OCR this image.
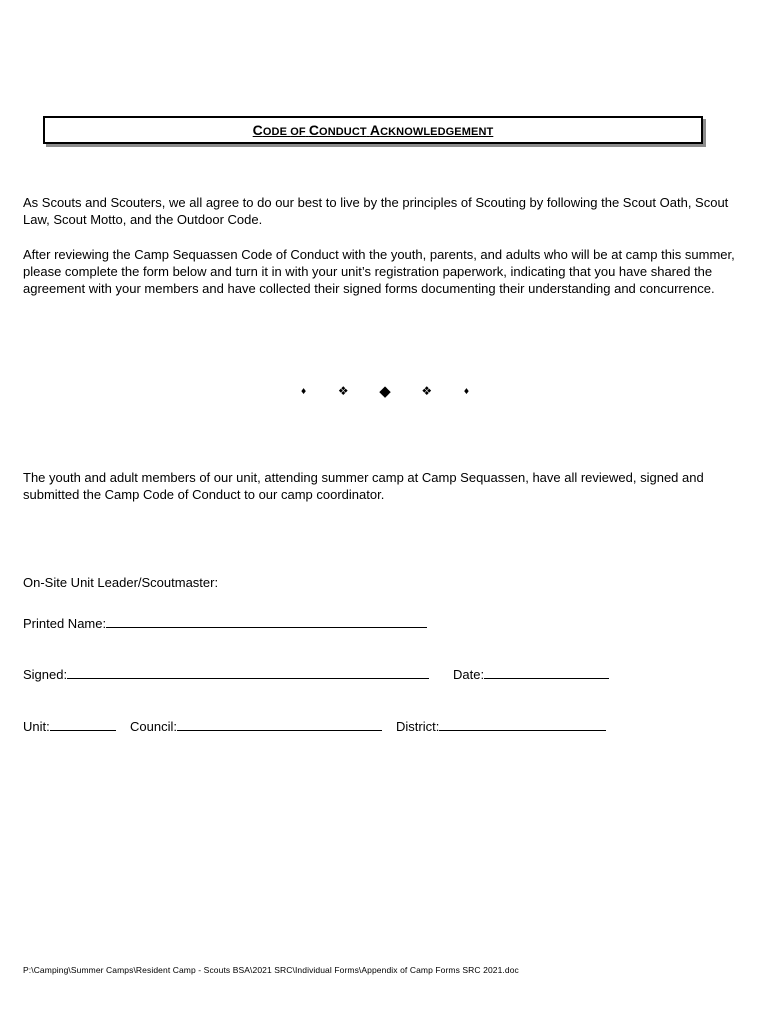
CODE OF CONDUCT ACKNOWLEDGEMENT

As Scouts and Scouters, we all agree to do our best to live by the principles of Scouting by following the Scout Oath, Scout Law, Scout Motto, and the Outdoor Code.

After reviewing the Camp Sequassen Code of Conduct with the youth, parents, and adults who will be at camp this summer, please complete the form below and turn it in with your unit’s registration paperwork, indicating that you have shared the agreement with your members and have collected their signed forms documenting their understanding and concurrence.

♦	❖ ◆	❖	♦

The youth and adult members of our unit, attending summer camp at Camp Sequassen, have all reviewed, signed and submitted the Camp Code of Conduct to our camp coordinator.

On-Site Unit Leader/Scoutmaster:
Printed Name:
Signed:	Date:
Unit:	Council:	District:
P:\Camping\Summer Camps\Resident Camp - Scouts BSA\2021 SRC\Individual Forms\Appendix of Camp Forms SRC 2021.doc
